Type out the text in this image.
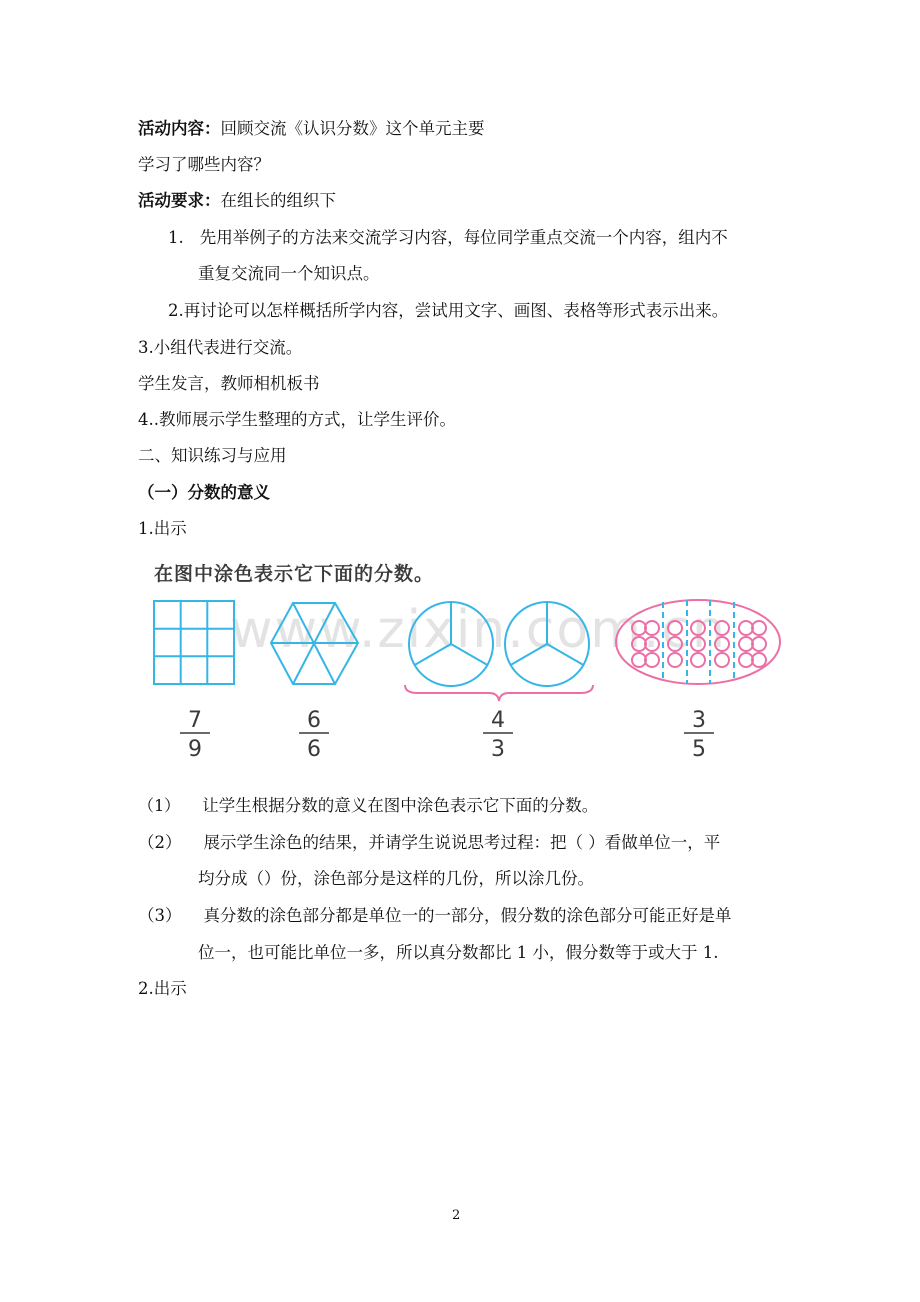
www.zixin.com.cn
活动内容：回顾交流《认识分数》这个单元主要
学习了哪些内容？
活动要求：在组长的组织下
1. 先用举例子的方法来交流学习内容，每位同学重点交流一个内容，组内不
重复交流同一个知识点。
2.再讨论可以怎样概括所学内容，尝试用文字、画图、表格等形式表示出来。
3.小组代表进行交流。
学生发言，教师相机板书
4..教师展示学生整理的方式，让学生评价。
二、知识练习与应用
（一）分数的意义
1.出示
在图中涂色表示它下面的分数。
7
9
6
6
4
3
3
5
（1） 让学生根据分数的意义在图中涂色表示它下面的分数。
（2） 展示学生涂色的结果，并请学生说说思考过程：把（ ）看做单位一，平
均分成（）份，涂色部分是这样的几份，所以涂几份。
（3） 真分数的涂色部分都是单位一的一部分，假分数的涂色部分可能正好是单
位一，也可能比单位一多，所以真分数都比 1 小，假分数等于或大于 1.
2.出示
2
